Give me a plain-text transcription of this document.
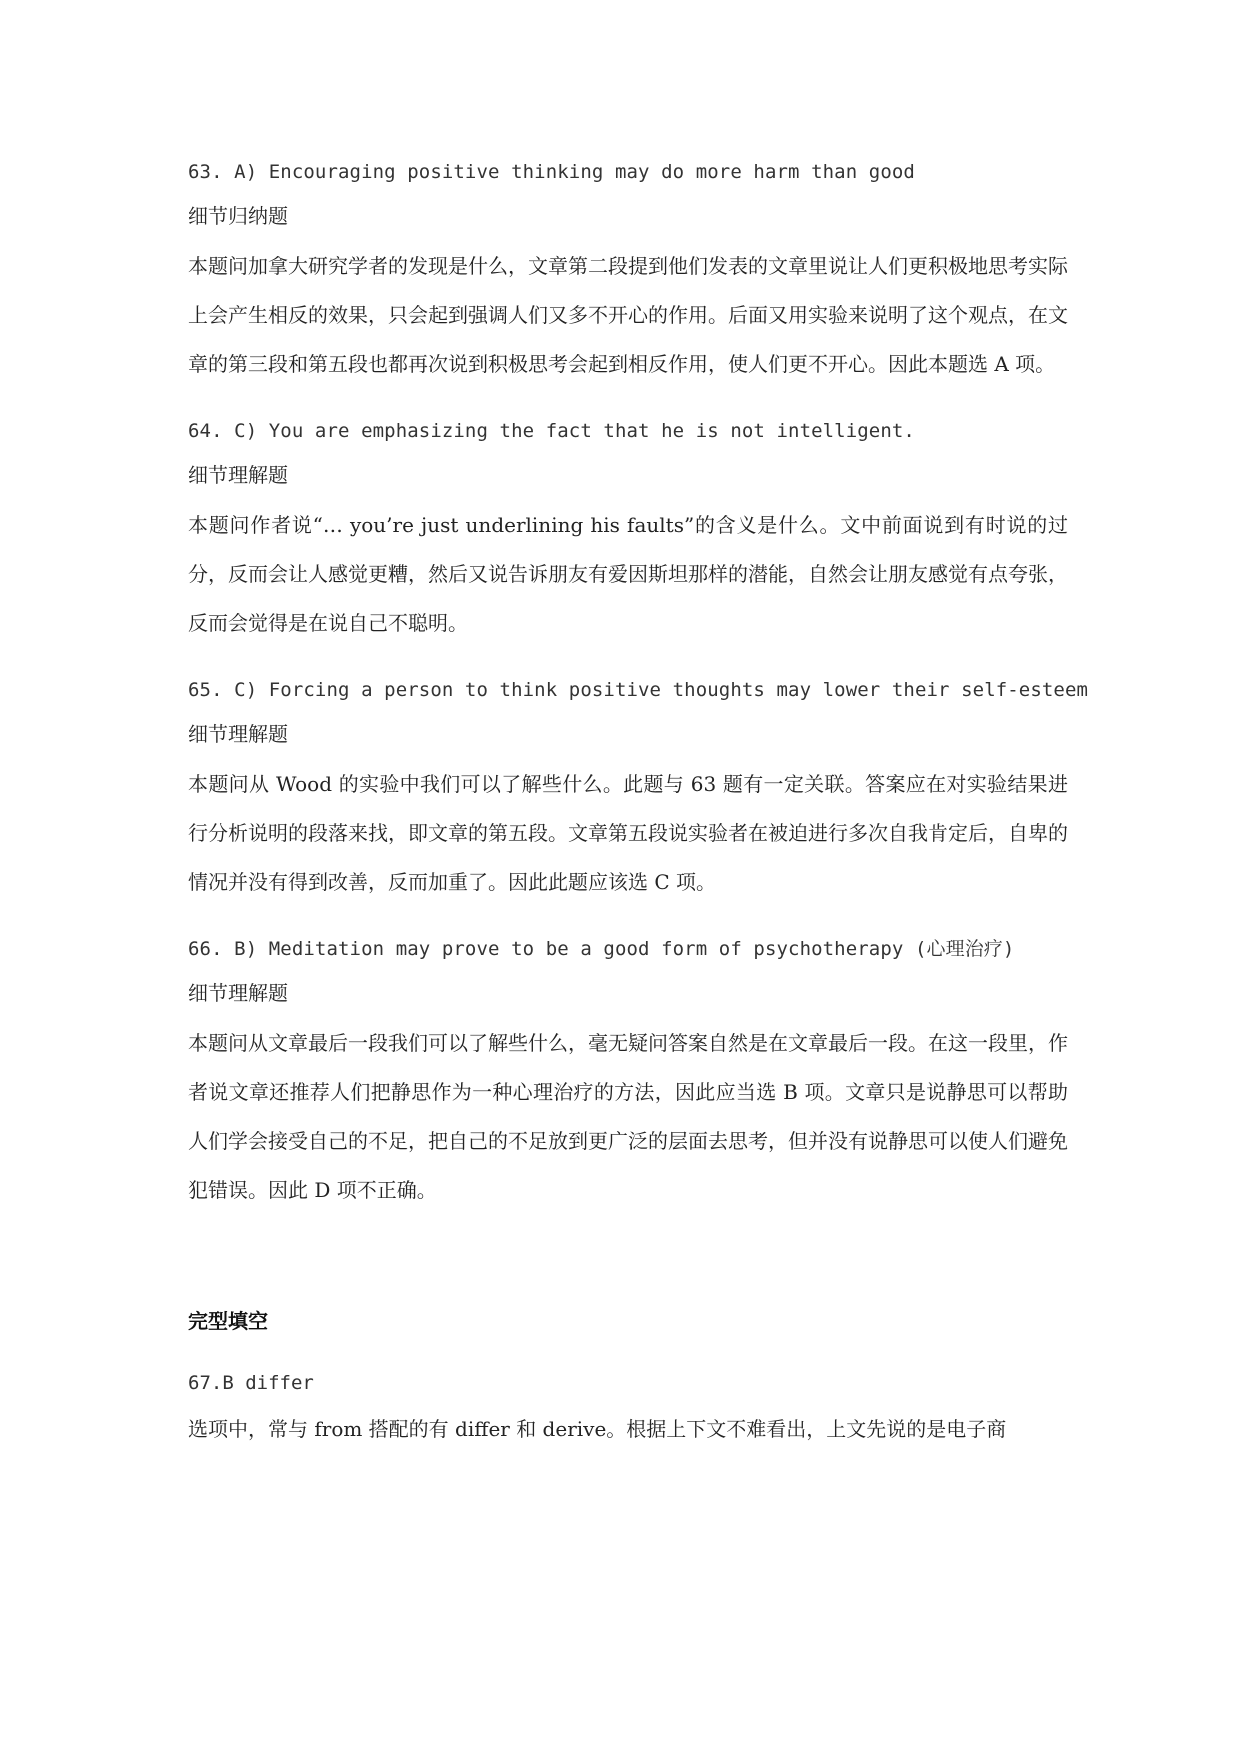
63. A) Encouraging positive thinking may do more harm than good

细节归纳题

本题问加拿大研究学者的发现是什么，文章第二段提到他们发表的文章里说让人们更积极地思考实际上会产生相反的效果，只会起到强调人们又多不开心的作用。后面又用实验来说明了这个观点，在文章的第三段和第五段也都再次说到积极思考会起到相反作用，使人们更不开心。因此本题选 A 项。

64. C) You are emphasizing the fact that he is not intelligent.

细节理解题

本题问作者说“… you’re just underlining his faults”的含义是什么。文中前面说到有时说的过分，反而会让人感觉更糟，然后又说告诉朋友有爱因斯坦那样的潜能，自然会让朋友感觉有点夸张，反而会觉得是在说自己不聪明。

65. C) Forcing a person to think positive thoughts may lower their self-esteem

细节理解题

本题问从 Wood 的实验中我们可以了解些什么。此题与 63 题有一定关联。答案应在对实验结果进行分析说明的段落来找，即文章的第五段。文章第五段说实验者在被迫进行多次自我肯定后，自卑的情况并没有得到改善，反而加重了。因此此题应该选 C 项。

66. B) Meditation may prove to be a good form of psychotherapy (心理治疗)

细节理解题

本题问从文章最后一段我们可以了解些什么，毫无疑问答案自然是在文章最后一段。在这一段里，作者说文章还推荐人们把静思作为一种心理治疗的方法，因此应当选 B 项。文章只是说静思可以帮助人们学会接受自己的不足，把自己的不足放到更广泛的层面去思考，但并没有说静思可以使人们避免犯错误。因此 D 项不正确。

完型填空

67.B differ

选项中，常与 from 搭配的有 differ 和 derive。根据上下文不难看出，上文先说的是电子商
